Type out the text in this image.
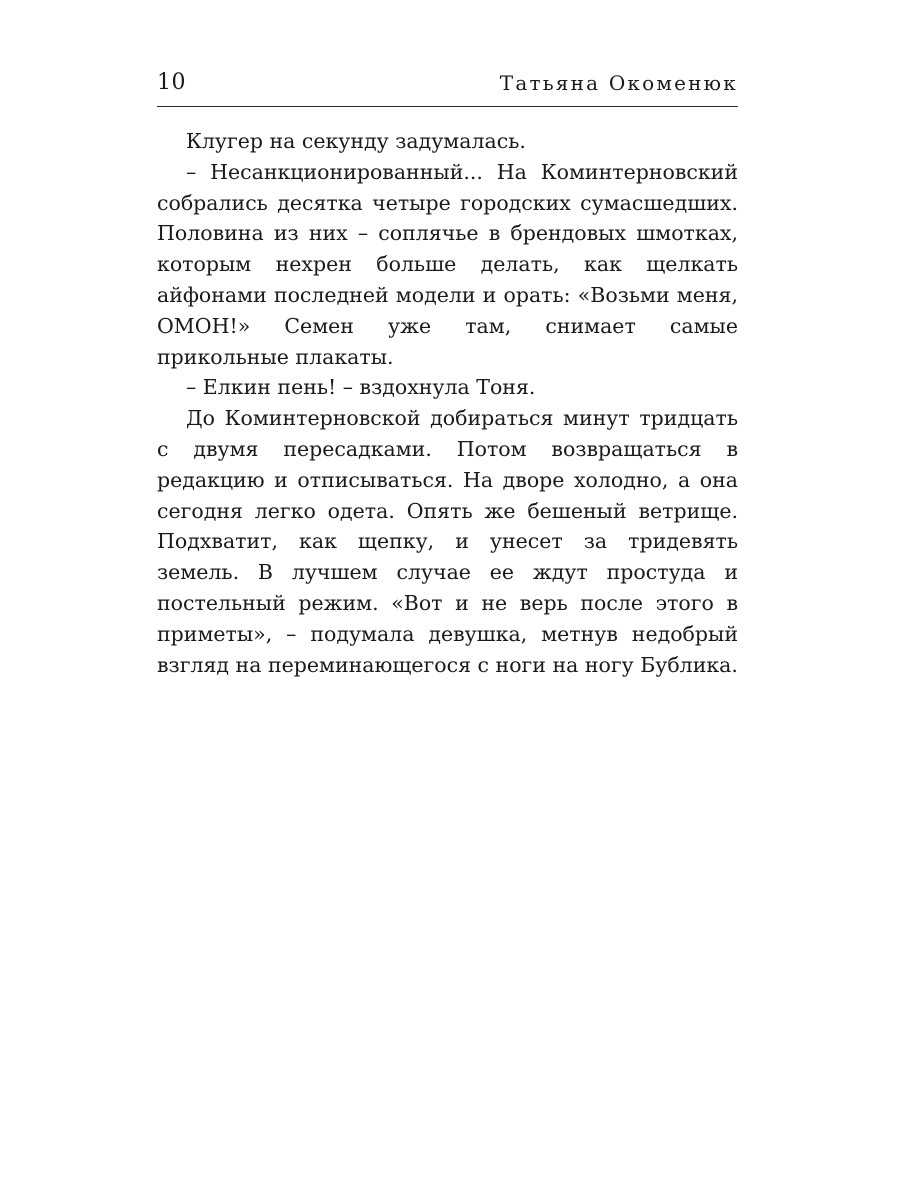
10	Татьяна Окоменюк

Клугер на секунду задумалась.

– Несанкционированный... На Коминтерновский собрались десятка четыре городских сумасшедших. Половина из них – соплячье в брендовых шмотках, которым нехрен больше делать, как щелкать айфонами последней модели и орать: «Возьми меня, ОМОН!» Семен уже там, снимает самые прикольные плакаты.

– Елкин пень! – вздохнула Тоня.

До Коминтерновской добираться минут тридцать с двумя пересадками. Потом возвращаться в редакцию и отписываться. На дворе холодно, а она сегодня легко одета. Опять же бешеный ветрище. Подхватит, как щепку, и унесет за тридевять земель. В лучшем случае ее ждут простуда и постельный режим. «Вот и не верь после этого в приметы», – подумала девушка, метнув недобрый взгляд на переминающегося с ноги на ногу Бублика.
